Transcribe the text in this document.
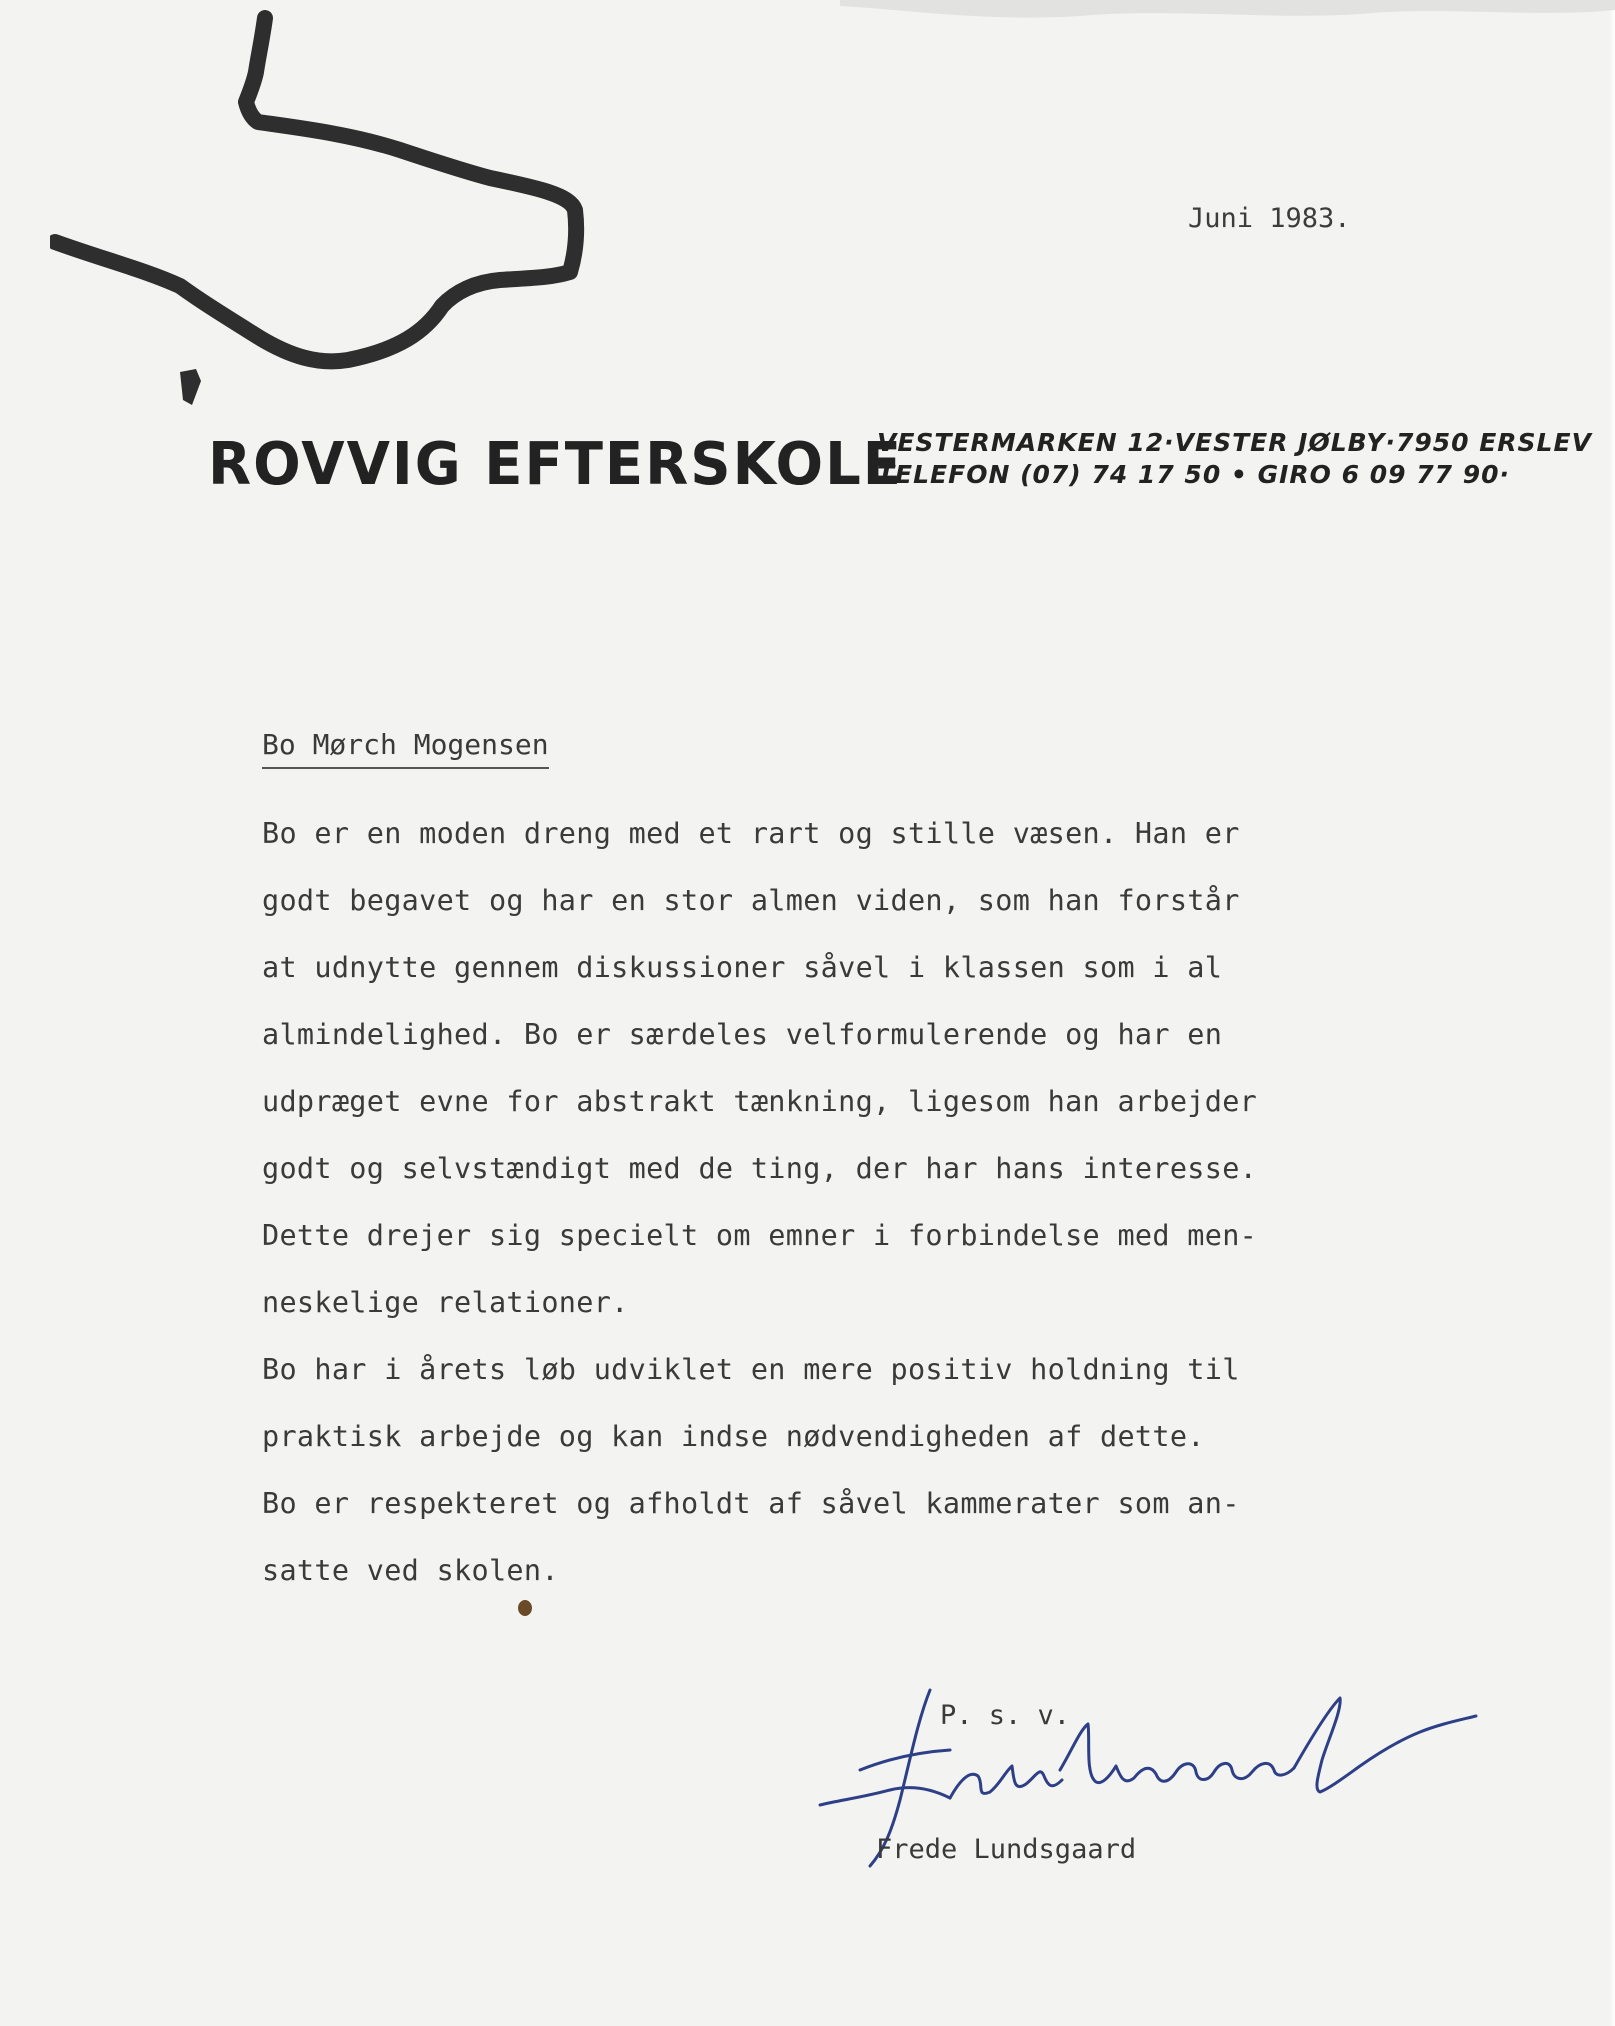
ROVVIG EFTERSKOLE

VESTERMARKEN 12·VESTER JØLBY·7950 ERSLEV

TELEFON (07) 74 17 50 • GIRO 6 09 77 90·

Juni 1983.
Bo Mørch Mogensen
Bo er en moden dreng med et rart og stille væsen. Han er
godt begavet og har en stor almen viden, som han forstår
at udnytte gennem diskussioner såvel i klassen som i al
almindelighed. Bo er særdeles velformulerende og har en
udpræget evne for abstrakt tænkning, ligesom han arbejder
godt og selvstændigt med de ting, der har hans interesse.
Dette drejer sig specielt om emner i forbindelse med men-
neskelige relationer.
Bo har i årets løb udviklet en mere positiv holdning til
praktisk arbejde og kan indse nødvendigheden af dette.
Bo er respekteret og afholdt af såvel kammerater som an-
satte ved skolen.
P. s. v.
Frede Lundsgaard
